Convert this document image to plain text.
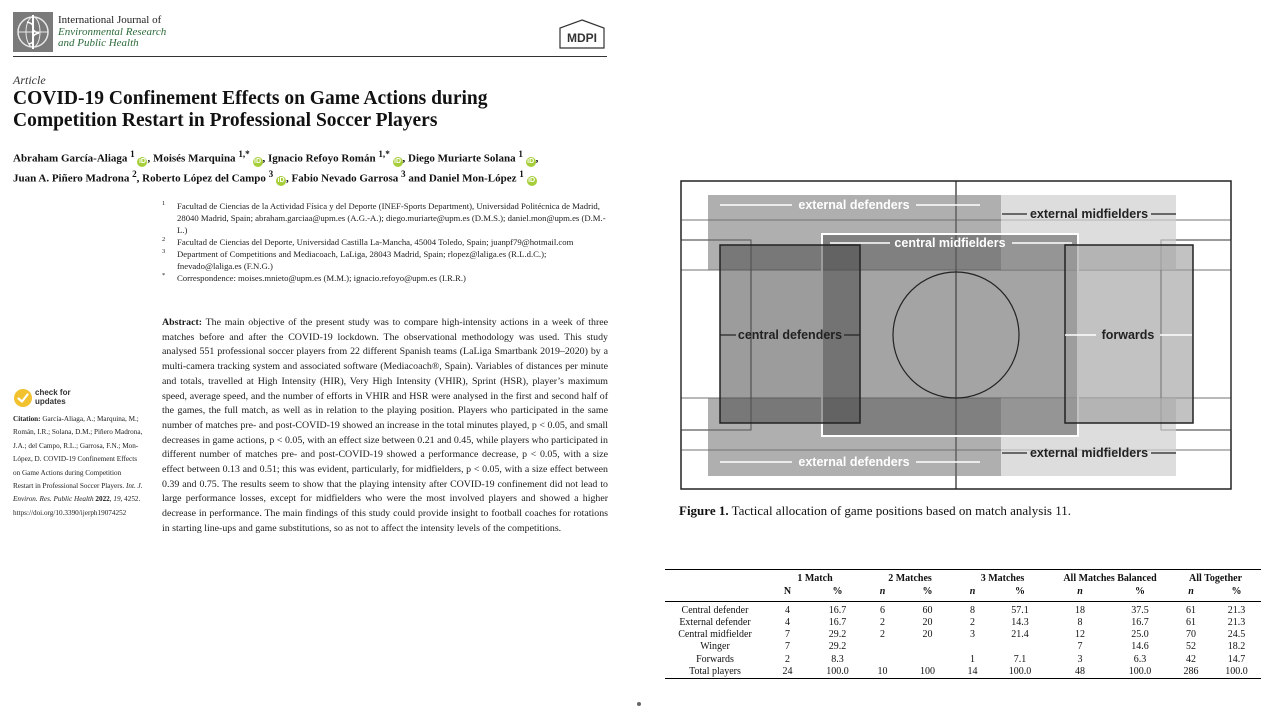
International Journal of
Environmental Research
and Public Health	MDPI
Article
COVID-19 Confinement Effects on Game Actions during
Competition Restart in Professional Soccer Players
Abraham García-Aliaga $^1$ iD , Moisés Marquina $^{1,*}$ iD , Ignacio Refoyo Román $^{1,*}$ iD , Diego Muriarte Solana $^1$ iD ,
Juan A. Piñero Madrona $^2$, Roberto López del Campo $^3$ iD , Fabio Nevado Garrosa $^3$ and Daniel Mon-López $^1$ iD
1 Facultad de Ciencias de la Actividad Física y del Deporte (INEF-Sports Department), Universidad Politécnica de Madrid, 28040 Madrid, Spain; abraham.garciaa@upm.es (A.G.-A.); diego.muriarte@upm.es (D.M.S.); daniel.mon@upm.es (D.M.-L.)
2 Facultad de Ciencias del Deporte, Universidad Castilla La-Mancha, 45004 Toledo, Spain; juanpf79@hotmail.com
3 Department of Competitions and Mediacoach, LaLiga, 28043 Madrid, Spain; rlopez@laliga.es (R.L.d.C.); fnevado@laliga.es (F.N.G.)
* Correspondence: moises.mnieto@upm.es (M.M.); ignacio.refoyo@upm.es (I.R.R.)

Abstract: The main objective of the present study was to compare high-intensity actions in a week of three matches before and after the COVID-19 lockdown. The observational methodology was used. This study analysed 551 professional soccer players from 22 different Spanish teams (LaLiga Smartbank 2019–2020) by a multi-camera tracking system and associated software (Mediacoach®, Spain). Variables of distances per minute and totals, travelled at High Intensity (HIR), Very High Intensity (VHIR), Sprint (HSR), player’s maximum speed, average speed, and the number of efforts in VHIR and HSR were analysed in the first and second half of the games, the full match, as well as in relation to the playing position. Players who participated in the same number of matches pre- and post-COVID-19 showed an increase in the total minutes played, p < 0.05, and small decreases in game actions, p < 0.05, with an effect size between 0.21 and 0.45, while players who participated in different number of matches pre- and post-COVID-19 showed a performance decrease, p < 0.05, with a size effect between 0.13 and 0.51; this was evident, particularly, for midfielders, p < 0.05, with a size effect between 0.39 and 0.75. The results seem to show that the playing intensity after COVID-19 confinement did not lead to large performance losses, except for midfielders who were the most involved players and showed a higher decrease in performance. The main findings of this study could provide insight to football coaches for rotations in starting line-ups and game substitutions, so as not to affect the intensity levels of the competitions.

check for
updates
Citation: García-Aliaga, A.; Marquina, M.; Román, I.R.; Solana, D.M.; Piñero Madrona, J.A.; del Campo, R.L.; Garrosa, F.N.; Mon-López, D. COVID-19 Confinement Effects on Game Actions during Competition Restart in Professional Soccer Players. Int. J. Environ. Res. Public Health 2022, 19, 4252. https://doi.org/10.3390/ijerph19074252
external defenders
external midfielders
central midfielders
central defenders	forwards
external defenders
external midfielders
Figure 1. Tactical allocation of game positions based on match analysis 11.
	1 Match		2 Matches		3 Matches		All Matches Balanced		All Together	
	N	%	n	%	n	%	n	%	n	%
Central defender	4	16.7	6	60	8	57.1	18	37.5	61	21.3
External defender	4	16.7	2	20	2	14.3	8	16.7	61	21.3
Central midfielder	7	29.2	2	20	3	21.4	12	25.0	70	24.5
Winger	7	29.2					7	14.6	52	18.2
Forwards	2	8.3			1	7.1	3	6.3	42	14.7
Total players	24	100.0	10	100	14	100.0	48	100.0	286	100.0
